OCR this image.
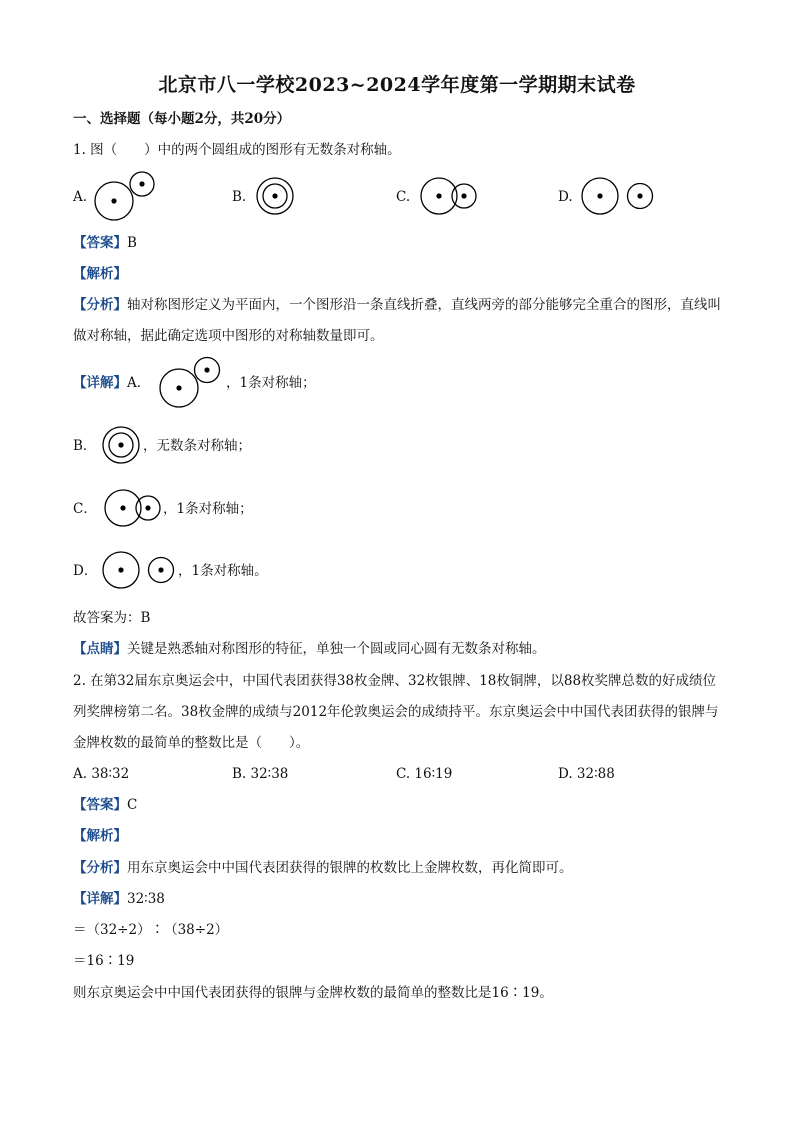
北京市八一学校2023~2024学年度第一学期期末试卷
一、选择题（每小题2分，共20分）
1. 图（　　）中的两个圆组成的图形有无数条对称轴。
A.	B.	C.	D.
【答案】B
【解析】
【分析】轴对称图形定义为平面内，一个图形沿一条直线折叠，直线两旁的部分能够完全重合的图形，直线叫做对称轴，据此确定选项中图形的对称轴数量即可。
【详解】A．	，1条对称轴；
B．	，无数条对称轴；
C．	，1条对称轴；
D．	，1条对称轴。
故答案为：B
【点睛】关键是熟悉轴对称图形的特征，单独一个圆或同心圆有无数条对称轴。
2. 在第32届东京奥运会中，中国代表团获得38枚金牌、32枚银牌、18枚铜牌，以88枚奖牌总数的好成绩位列奖牌榜第二名。38枚金牌的成绩与2012年伦敦奥运会的成绩持平。东京奥运会中中国代表团获得的银牌与金牌枚数的最简单的整数比是（　　）。
A. 38∶32	B. 32∶38	C. 16∶19	D. 32∶88
【答案】C
【解析】
【分析】用东京奥运会中中国代表团获得的银牌的枚数比上金牌枚数，再化简即可。
【详解】32∶38
＝（32÷2）∶（38÷2）
＝16∶19
则东京奥运会中中国代表团获得的银牌与金牌枚数的最简单的整数比是16∶19。
